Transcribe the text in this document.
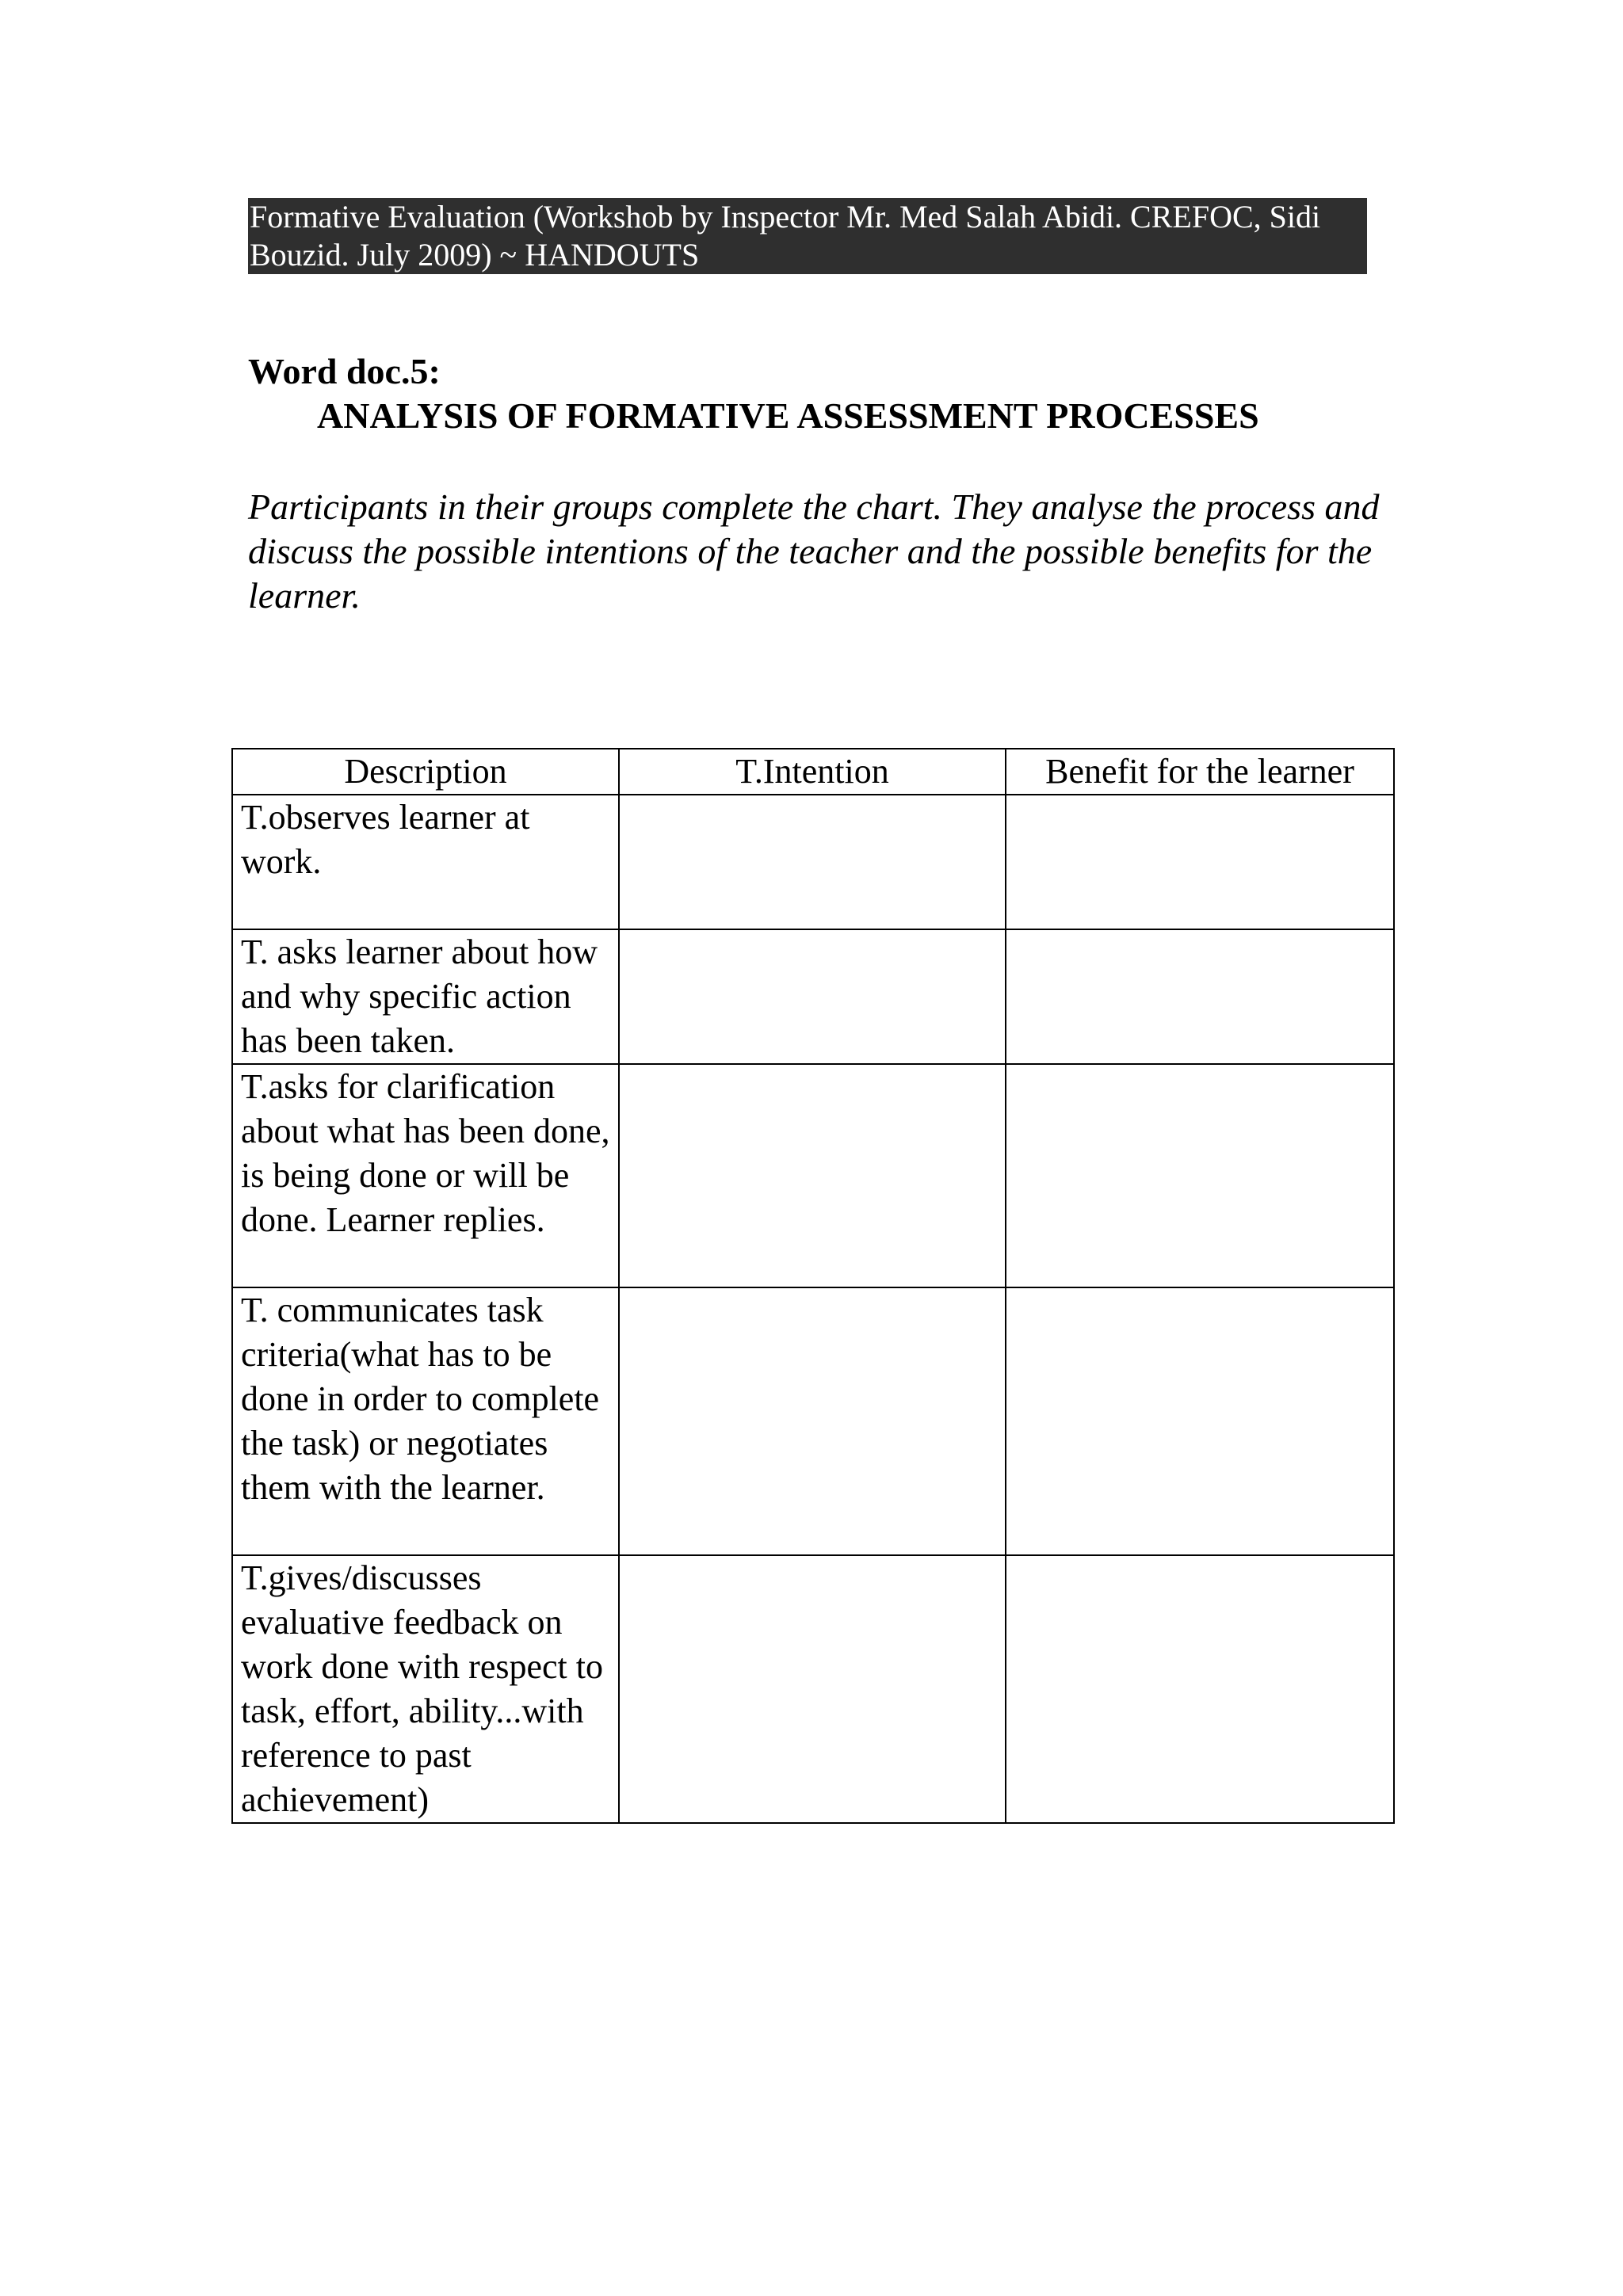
Formative Evaluation (Workshob by Inspector Mr. Med Salah Abidi. CREFOC, Sidi
Bouzid. July 2009) ~ HANDOUTS
Word doc.5:
ANALYSIS OF FORMATIVE ASSESSMENT PROCESSES
Participants in their groups complete the chart. They analyse the process and discuss the possible intentions of the teacher and the possible benefits for the learner.
Description	T.Intention	Benefit for the learner
T.observes learner at work.		
T. asks learner about how and why specific action has been taken.		
T.asks for clarification about what has been done, is being done or will be done. Learner replies.		
T. communicates task criteria(what has to be done in order to complete the task) or negotiates them with the learner.		
T.gives/discusses evaluative feedback on work done with respect to task, effort, ability...with reference to past achievement)		
